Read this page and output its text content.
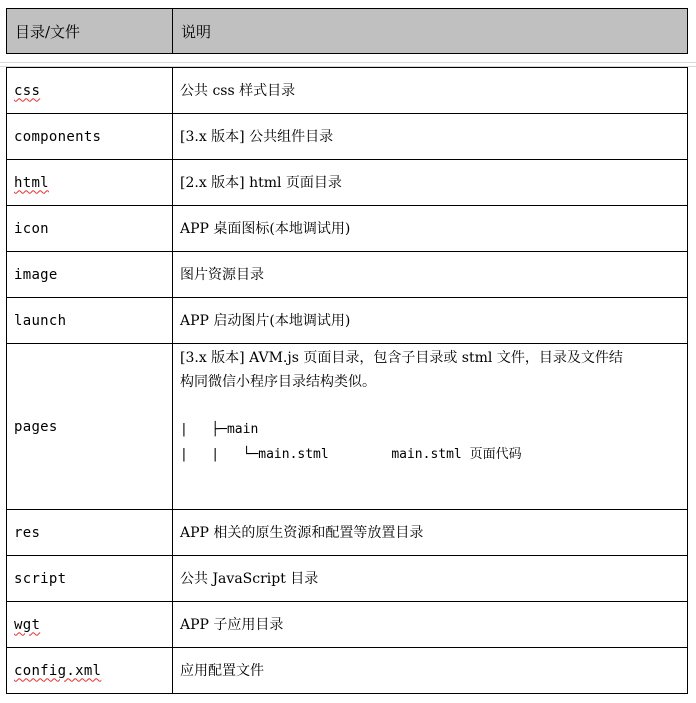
目录/文件	说明
css	公共 css 样式目录
components	[3.x 版本] 公共组件目录
html	[2.x 版本] html 页面目录
icon	APP 桌面图标(本地调试用)
image	图片资源目录
launch	APP 启动图片(本地调试用)
pages	[3.x 版本] AVM.js 页面目录，包含子目录或 stml 文件，目录及文件结
构同微信小程序目录结构类似。
|   ├─main
|   |   └─main.stml        main.stml 页面代码

res	APP 相关的原生资源和配置等放置目录
script	公共 JavaScript 目录
wgt	APP 子应用目录
config.xml	应用配置文件
